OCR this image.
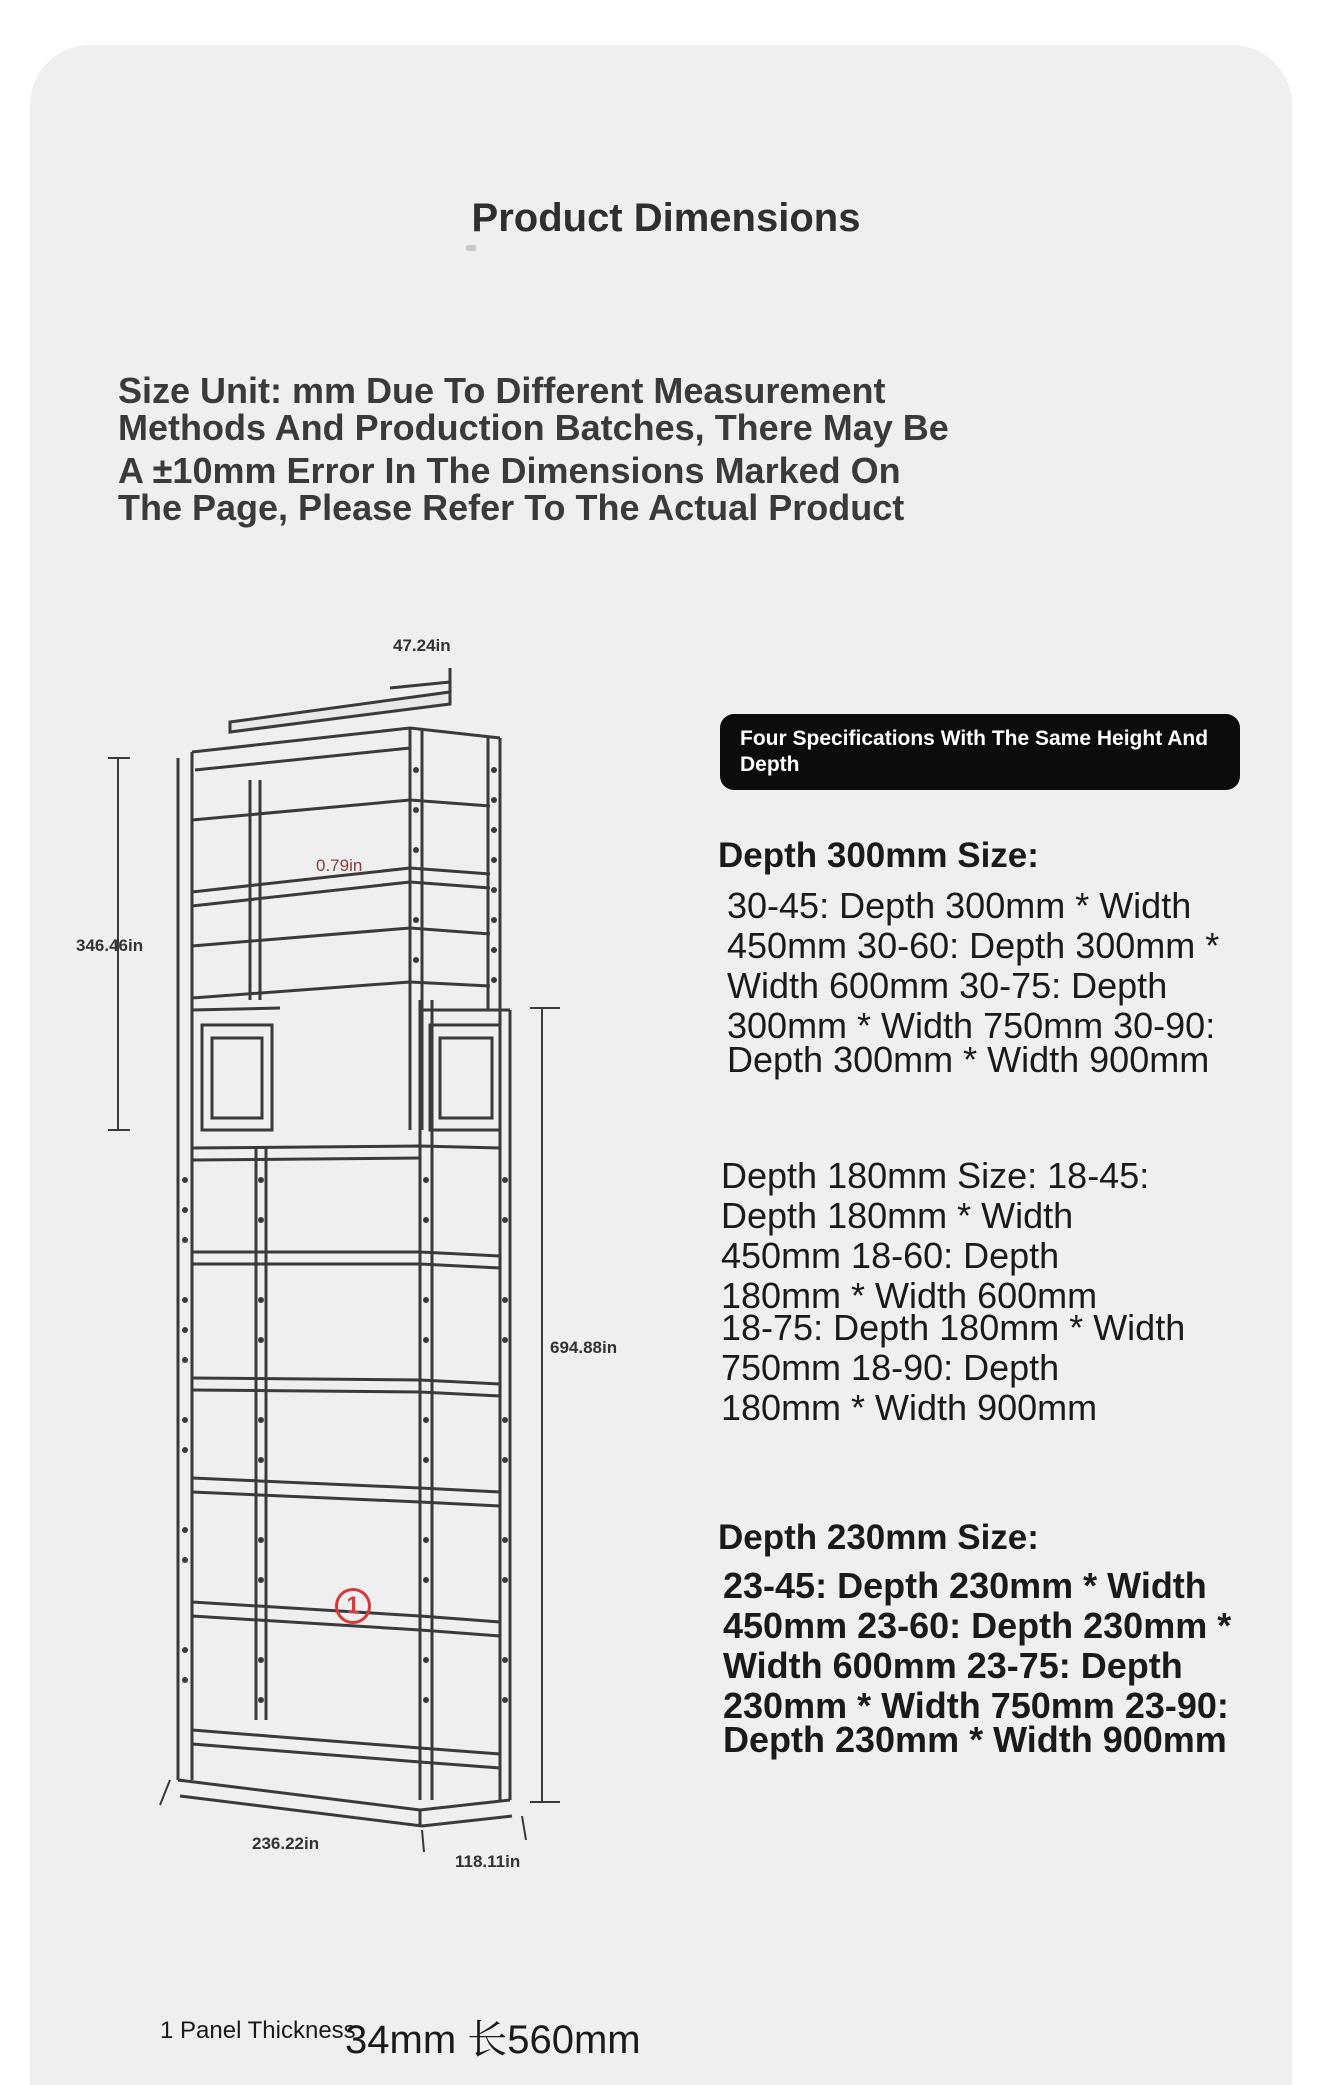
Product Dimensions
Size Unit: mm Due To Different Measurement
Methods And Production Batches, There May Be
A ±10mm Error In The Dimensions Marked On
The Page, Please Refer To The Actual Product
47.24in
346.46in
0.79in
694.88in
236.22in
118.11in
1
Four Specifications With The Same Height And Depth
Depth 300mm Size:
30-45: Depth 300mm * Width
450mm 30-60: Depth 300mm *
Width 600mm 30-75: Depth
300mm * Width 750mm 30-90:
Depth 300mm * Width 900mm
Depth 180mm Size: 18-45:
Depth 180mm * Width
450mm 18-60: Depth
180mm * Width 600mm
18-75: Depth 180mm * Width
750mm 18-90: Depth
180mm * Width 900mm
Depth 230mm Size:
23-45: Depth 230mm * Width
450mm 23-60: Depth 230mm *
Width 600mm 23-75: Depth
230mm * Width 750mm 23-90:
Depth 230mm * Width 900mm
1 Panel Thickness
34mm 长560mm
